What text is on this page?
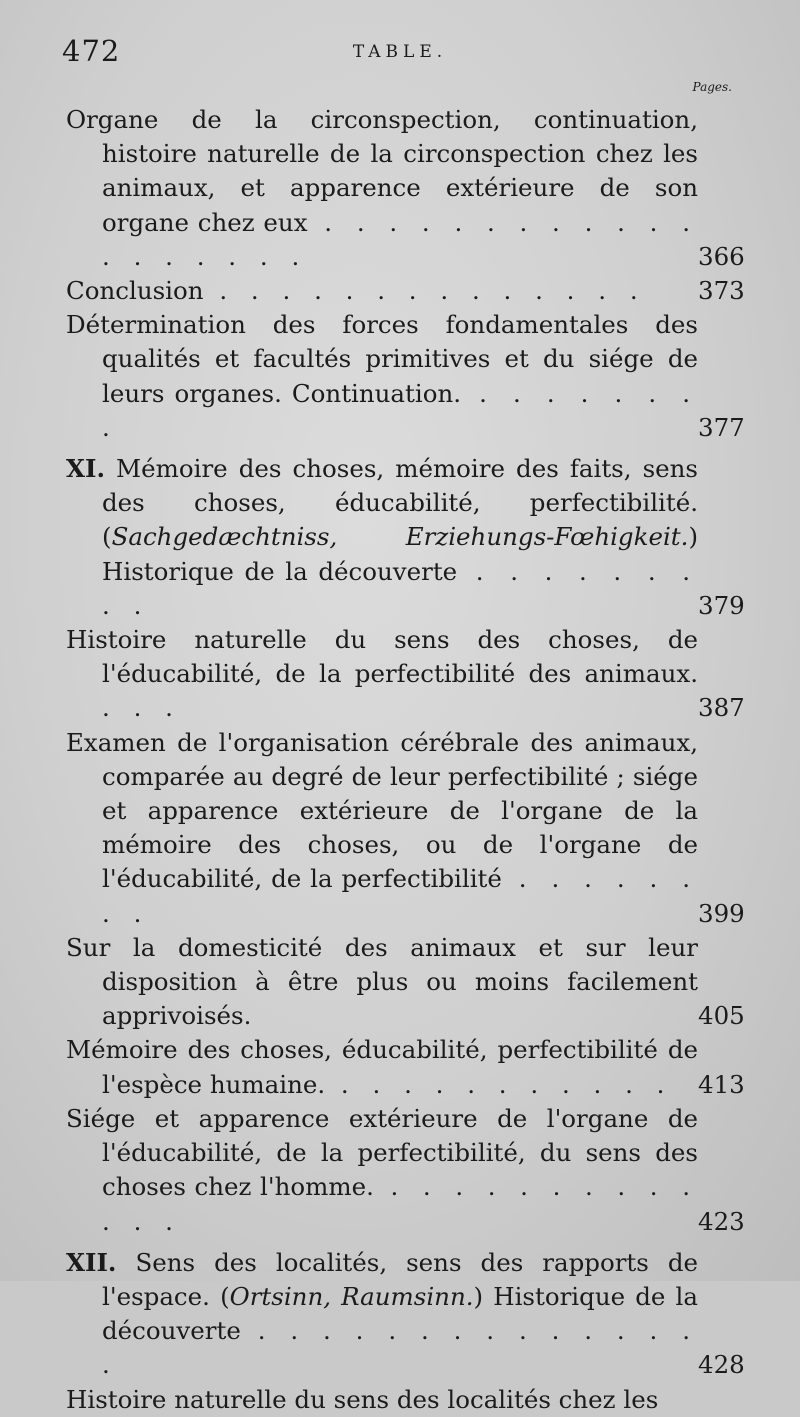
472	TABLE.
Pages.
Organe de la circonspection, continuation, histoire naturelle de la circonspection chez les animaux, et apparence extérieure de son organe chez eux . . . . . . . . . . . . . . . . . . .	366
Conclusion . . . . . . . . . . . . . . 373
Détermination des forces fondamentales des qualités et facultés primitives et du siége de leurs organes. Continuation. . . . . . . . .	377
XI. Mémoire des choses, mémoire des faits, sens des choses, éducabilité, perfectibilité. (Sachgedæchtniss, Erziehungs-Fœhigkeit.) Historique de la découverte . . . . . . . . .	379
Histoire naturelle du sens des choses, de l'éducabilité, de la perfectibilité des animaux. . . .	387
Examen de l'organisation cérébrale des animaux, comparée au degré de leur perfectibilité ; siége et apparence extérieure de l'organe de la mémoire des choses, ou de l'organe de l'éducabilité, de la perfectibilité . . . . . . . .	399
Sur la domesticité des animaux et sur leur disposition à être plus ou moins facilement apprivoisés.	405
Mémoire des choses, éducabilité, perfectibilité de l'espèce humaine. . . . . . . . . . . . 413
Siége et apparence extérieure de l'organe de l'éducabilité, de la perfectibilité, du sens des choses chez l'homme. . . . . . . . . . . . . .	423
XII. Sens des localités, sens des rapports de l'espace. (Ortsinn, Raumsinn.) Historique de la découverte . . . . . . . . . . . . . . .	428
Histoire naturelle du sens des localités chez les
